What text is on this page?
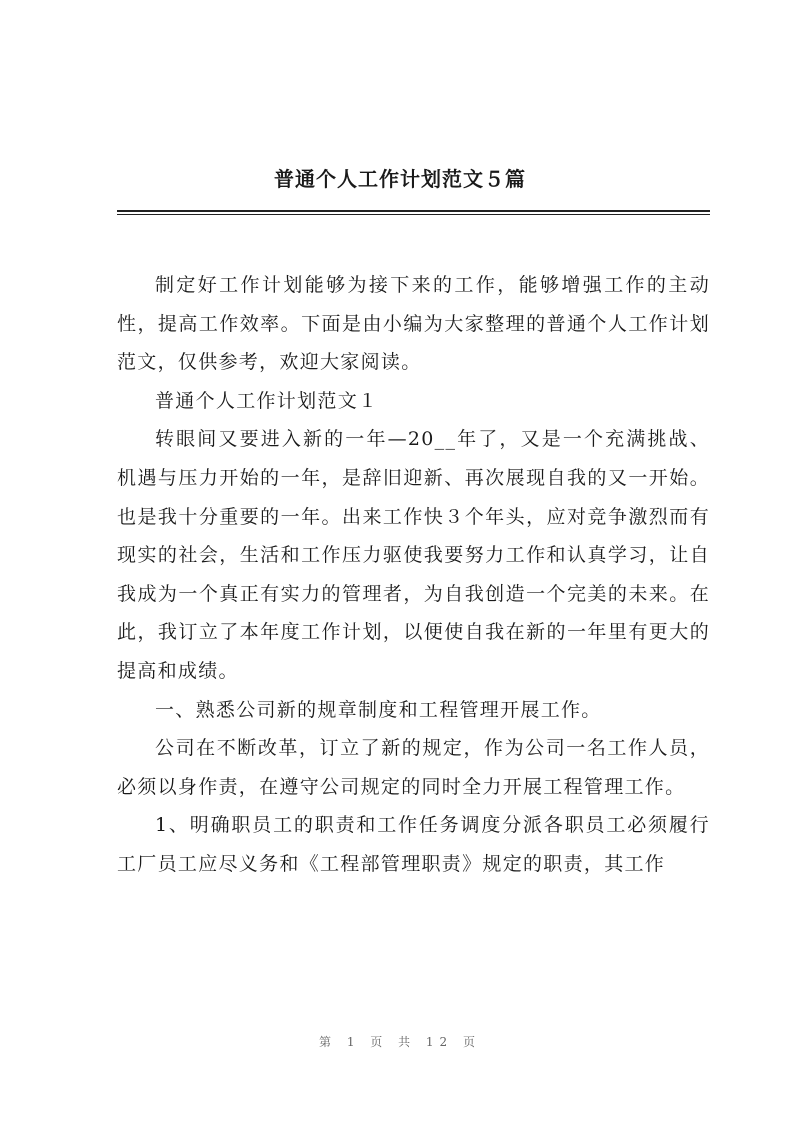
普通个人工作计划范文５篇

制定好工作计划能够为接下来的工作，能够增强工作的主动性，提高工作效率。下面是由小编为大家整理的普通个人工作计划范文，仅供参考，欢迎大家阅读。

普通个人工作计划范文１

转眼间又要进入新的一年—20__年了，又是一个充满挑战、机遇与压力开始的一年，是辞旧迎新、再次展现自我的又一开始。也是我十分重要的一年。出来工作快３个年头，应对竞争激烈而有现实的社会，生活和工作压力驱使我要努力工作和认真学习，让自我成为一个真正有实力的管理者，为自我创造一个完美的未来。在此，我订立了本年度工作计划，以便使自我在新的一年里有更大的提高和成绩。

一、熟悉公司新的规章制度和工程管理开展工作。

公司在不断改革，订立了新的规定，作为公司一名工作人员，必须以身作责，在遵守公司规定的同时全力开展工程管理工作。

1、明确职员工的职责和工作任务调度分派各职员工必须履行工厂员工应尽义务和《工程部管理职责》规定的职责，其工作

第 1 页 共 12 页
